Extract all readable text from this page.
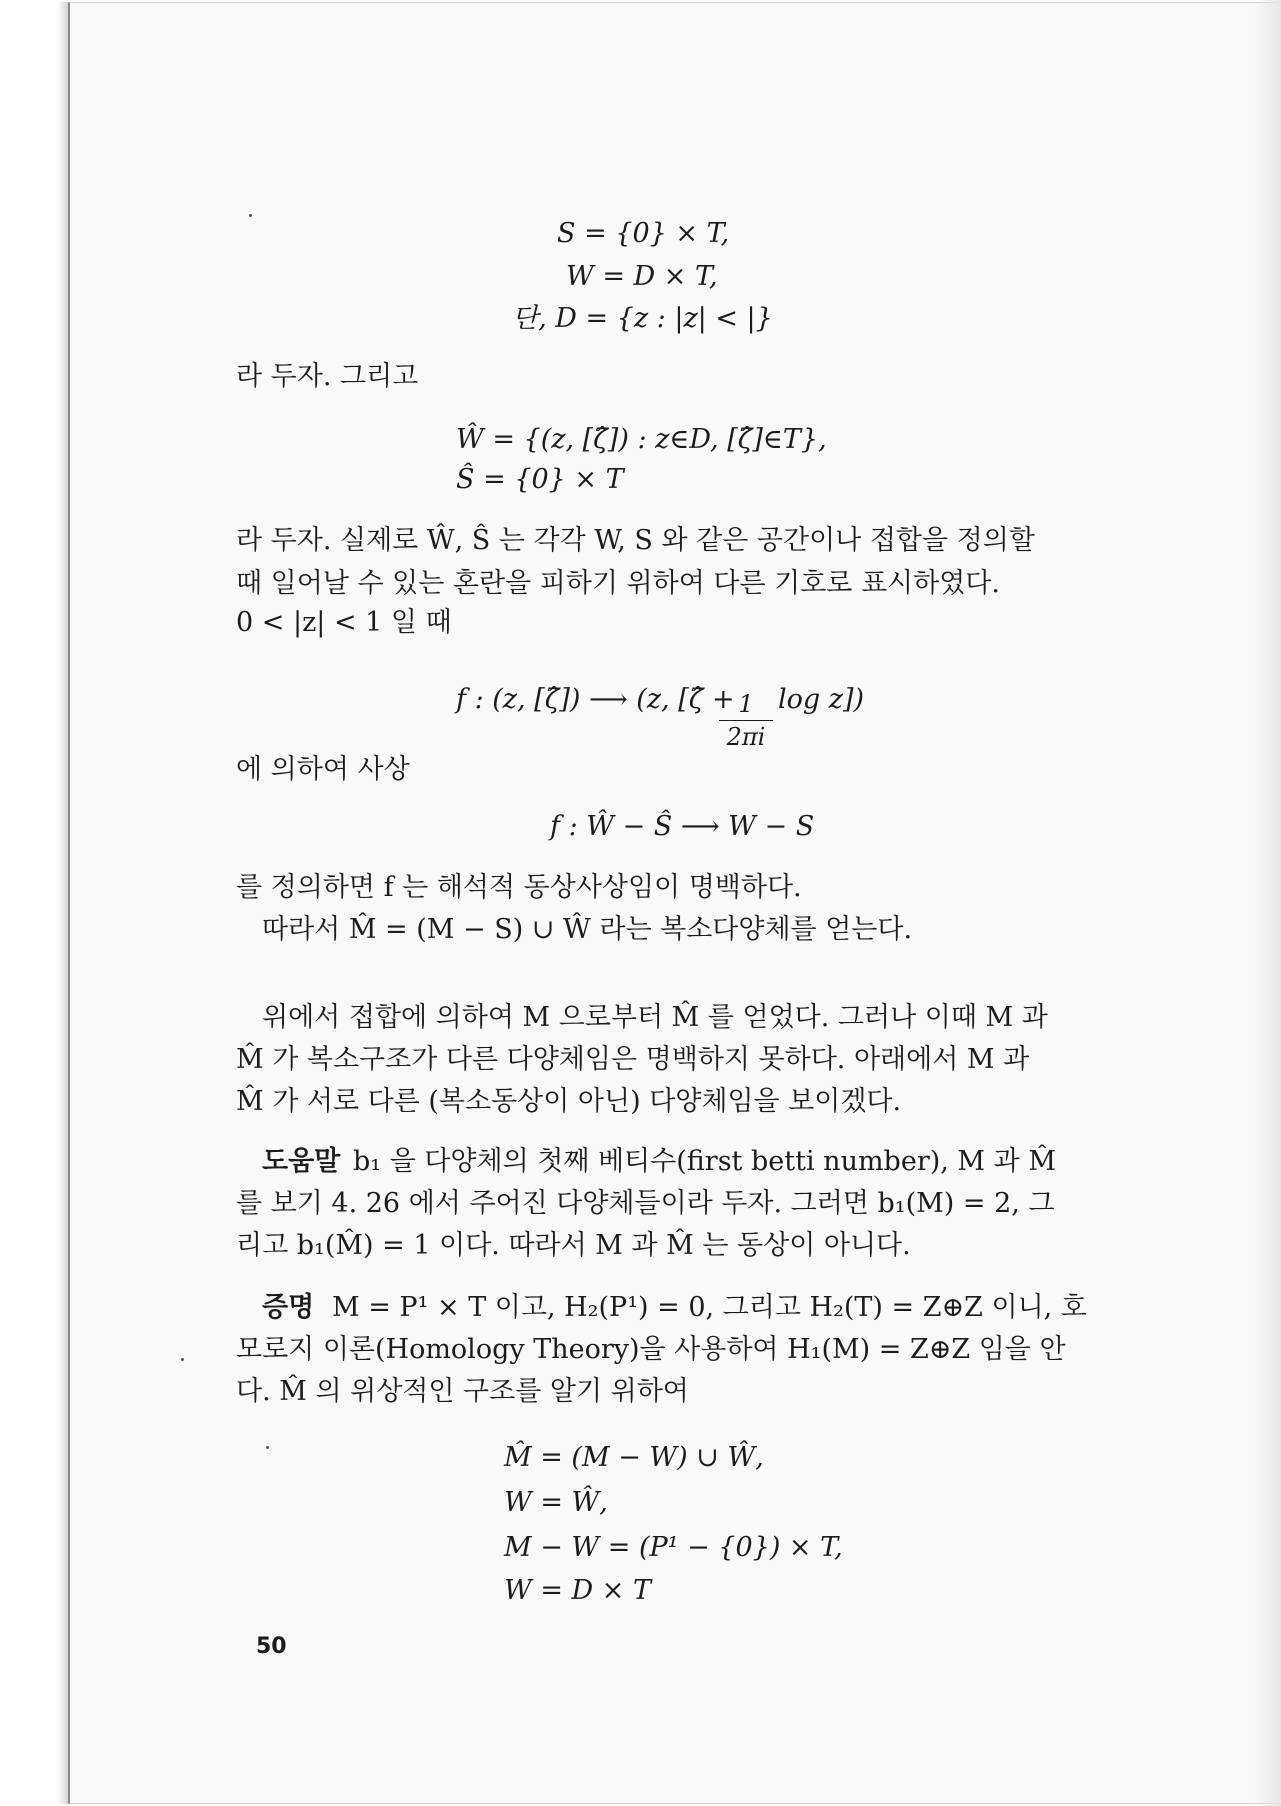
S = {0} × T,
W = D × T,
단, D = {z : |z| < |}
라 두자. 그리고
Ŵ = {(z, [ζ̂]) : z∈D, [ζ̂]∈T},
Ŝ = {0} × T
라 두자. 실제로 Ŵ, Ŝ 는 각각 W, S 와 같은 공간이나 접합을 정의할
때 일어날 수 있는 혼란을 피하기 위하여 다른 기호로 표시하였다.
0 < |z| < 1 일 때
f : (z, [ζ̂]) ⟶ (z, [ζ̂ + 1
2πi
log z])
에 의하여 사상
f : Ŵ − Ŝ ⟶ W − S
를 정의하면 f 는 해석적 동상사상임이 명백하다.
따라서 M̂ = (M − S) ∪ Ŵ 라는 복소다양체를 얻는다.
위에서 접합에 의하여 M 으로부터 M̂ 를 얻었다. 그러나 이때 M 과
M̂ 가 복소구조가 다른 다양체임은 명백하지 못하다. 아래에서 M 과
M̂ 가 서로 다른 (복소동상이 아닌) 다양체임을 보이겠다.
도움말 b₁ 을 다양체의 첫째 베티수(first betti number), M 과 M̂
를 보기 4. 26 에서 주어진 다양체들이라 두자. 그러면 b₁(M) = 2, 그
리고 b₁(M̂) = 1 이다. 따라서 M 과 M̂ 는 동상이 아니다.
증명 M = P¹ × T 이고, H₂(P¹) = 0, 그리고 H₂(T) = Z⊕Z 이니, 호
모로지 이론(Homology Theory)을 사용하여 H₁(M) = Z⊕Z 임을 안
다. M̂ 의 위상적인 구조를 알기 위하여
M̂ = (M − W) ∪ Ŵ,
W = Ŵ,
M − W = (P¹ − {0}) × T,
W = D × T
50
